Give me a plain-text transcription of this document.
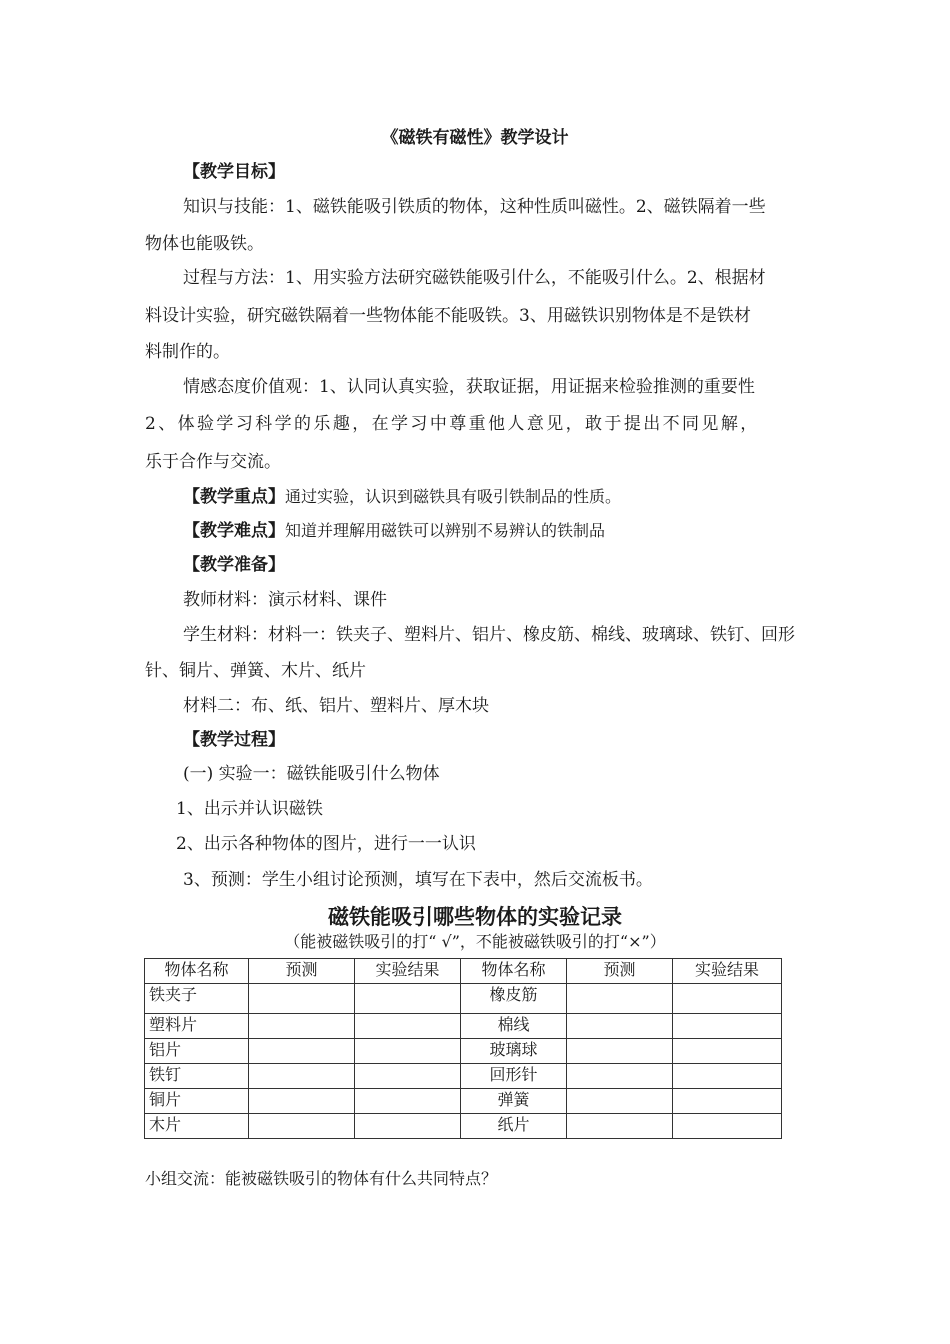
《磁铁有磁性》教学设计
【教学目标】
知识与技能：1、磁铁能吸引铁质的物体，这种性质叫磁性。2、磁铁隔着一些
物体也能吸铁。
过程与方法：1、用实验方法研究磁铁能吸引什么，不能吸引什么。2、根据材
料设计实验，研究磁铁隔着一些物体能不能吸铁。3、用磁铁识别物体是不是铁材
料制作的。
情感态度价值观：1、认同认真实验，获取证据，用证据来检验推测的重要性
2、体验学习科学的乐趣，在学习中尊重他人意见，敢于提出不同见解，
乐于合作与交流。
【教学重点】通过实验，认识到磁铁具有吸引铁制品的性质。
【教学难点】知道并理解用磁铁可以辨别不易辨认的铁制品
【教学准备】
教师材料：演示材料、课件
学生材料：材料一：铁夹子、塑料片、铝片、橡皮筋、棉线、玻璃球、铁钉、回形
针、铜片、弹簧、木片、纸片
材料二：布、纸、铝片、塑料片、厚木块
【教学过程】
(一) 实验一：磁铁能吸引什么物体
1、出示并认识磁铁
2、出示各种物体的图片，进行一一认识
3、预测：学生小组讨论预测，填写在下表中，然后交流板书。
磁铁能吸引哪些物体的实验记录
（能被磁铁吸引的打“ √”，不能被磁铁吸引的打“×”）
物体名称	预测	实验结果	物体名称	预测	实验结果
铁夹子			橡皮筋		
塑料片			棉线		
铝片			玻璃球		
铁钉			回形针		
铜片			弹簧		
木片			纸片		
小组交流：能被磁铁吸引的物体有什么共同特点？
